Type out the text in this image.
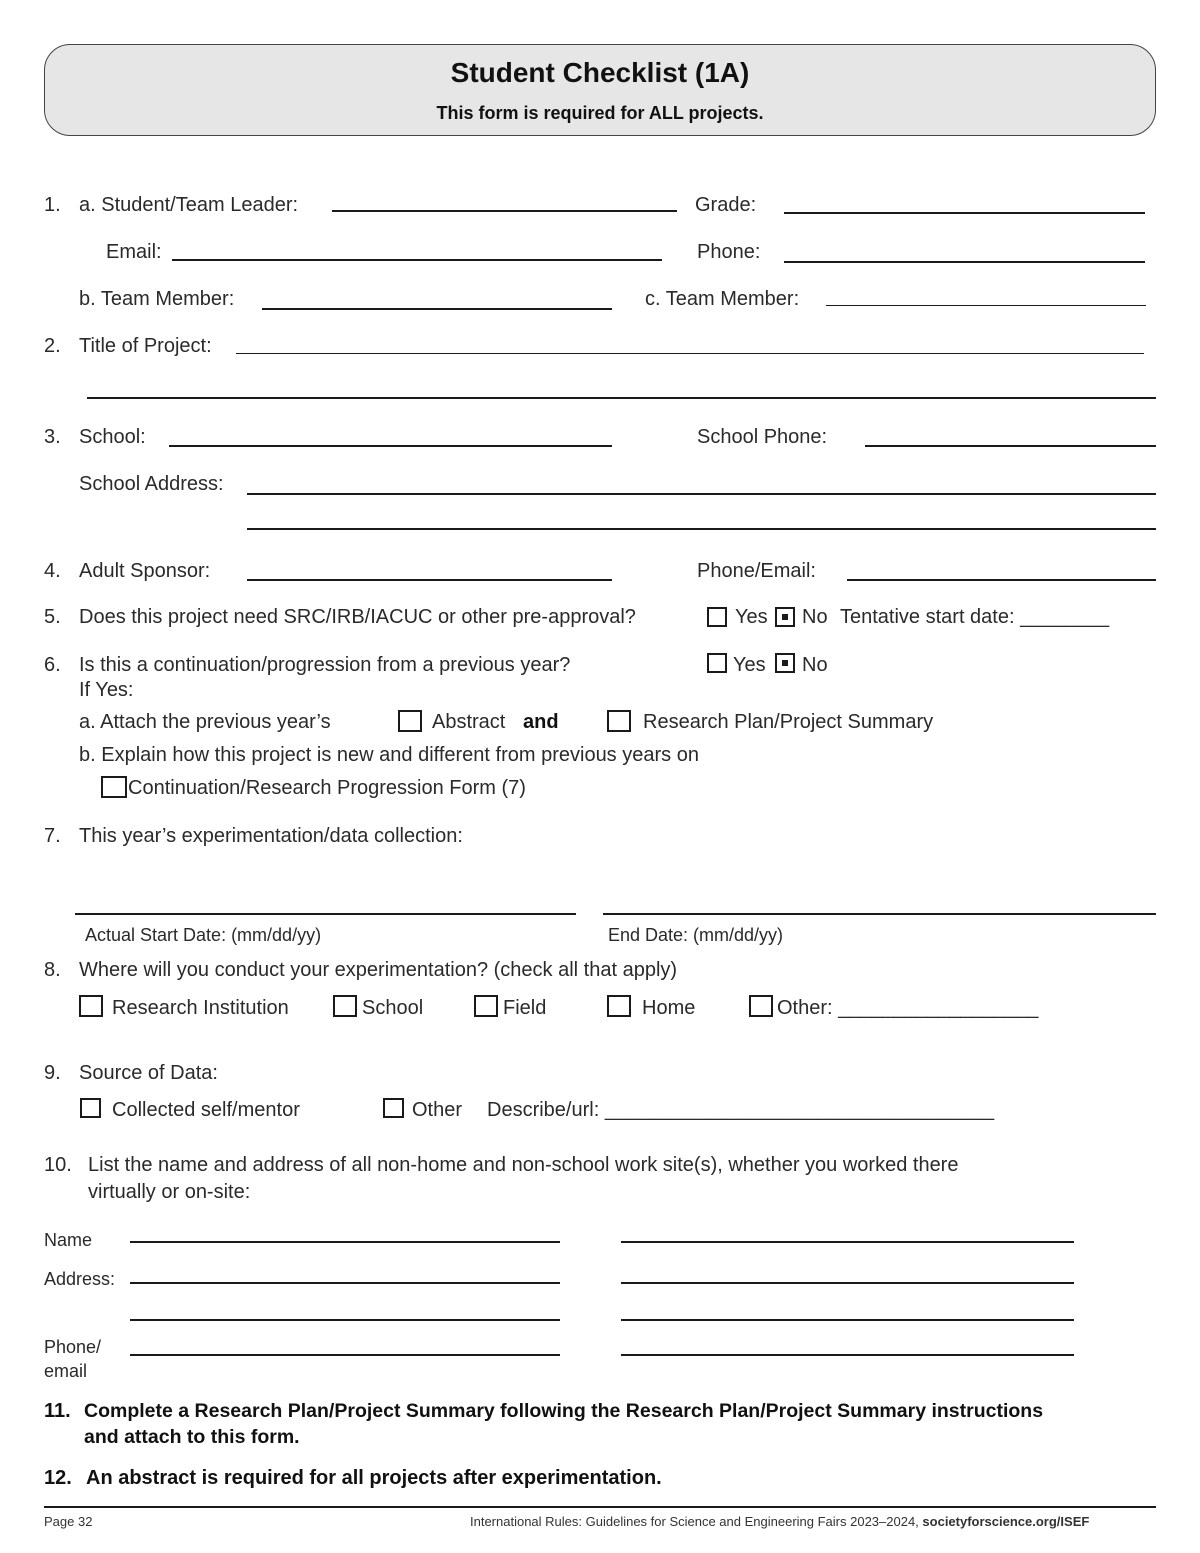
Student Checklist (1A)
This form is required for ALL projects.
1. a. Student/Team Leader:	Grade:
Email:	Phone:
b. Team Member:	c. Team Member:
2. Title of Project:
3. School:	School Phone:
School Address:
4. Adult Sponsor:	Phone/Email:
5. Does this project need SRC/IRB/IACUC or other pre-approval?	Yes No Tentative start date: ________
6. Is this a continuation/progression from a previous year?	Yes No
If Yes:
a. Attach the previous year’s	Abstract and	Research Plan/Project Summary
b. Explain how this project is new and different from previous years on
Continuation/Research Progression Form (7)
7. This year’s experimentation/data collection:
Actual Start Date: (mm/dd/yy)	End Date: (mm/dd/yy)
8. Where will you conduct your experimentation? (check all that apply)
Research Institution	School	Field	Home	Other: __________________
9. Source of Data:
Collected self/mentor	Other Describe/url: ___________________________________
10. List the name and address of all non-home and non-school work site(s), whether you worked there
virtually or on-site:
Name
Address:
Phone/
email
11. Complete a Research Plan/Project Summary following the Research Plan/Project Summary instructions
and attach to this form.
12. An abstract is required for all projects after experimentation.
Page 32	International Rules: Guidelines for Science and Engineering Fairs 2023–2024, societyforscience.org/ISEF
